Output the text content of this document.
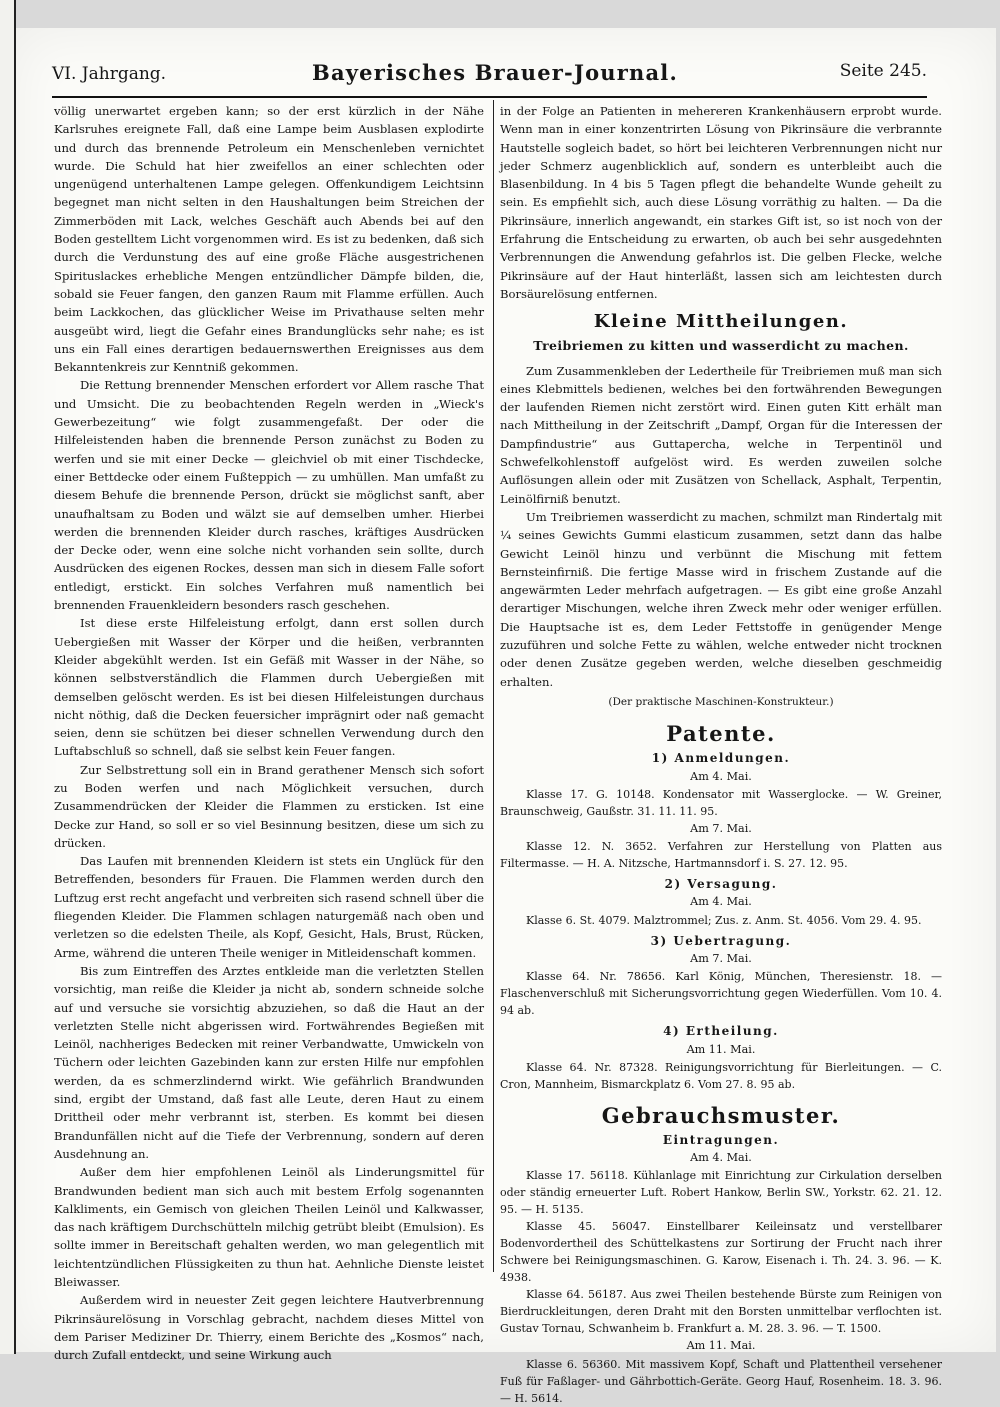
VI. Jahrgang.	Bayerisches Brauer-Journal.	Seite 245.

völlig unerwartet ergeben kann; so der erst kürzlich in der Nähe Karlsruhes ereignete Fall, daß eine Lampe beim Ausblasen explodirte und durch das brennende Petroleum ein Menschenleben vernichtet wurde. Die Schuld hat hier zweifellos an einer schlechten oder ungenügend unterhaltenen Lampe gelegen. Offenkundigem Leichtsinn begegnet man nicht selten in den Haushaltungen beim Streichen der Zimmerböden mit Lack, welches Geschäft auch Abends bei auf den Boden gestelltem Licht vorgenommen wird. Es ist zu bedenken, daß sich durch die Verdunstung des auf eine große Fläche ausgestrichenen Spirituslackes erhebliche Mengen entzündlicher Dämpfe bilden, die, sobald sie Feuer fangen, den ganzen Raum mit Flamme erfüllen. Auch beim Lackkochen, das glücklicher Weise im Privathause selten mehr ausgeübt wird, liegt die Gefahr eines Brandunglücks sehr nahe; es ist uns ein Fall eines derartigen bedauernswerthen Ereignisses aus dem Bekanntenkreis zur Kenntniß gekommen.

Die Rettung brennender Menschen erfordert vor Allem rasche That und Umsicht. Die zu beobachtenden Regeln werden in „Wieck's Gewerbezeitung“ wie folgt zusammengefaßt. Der oder die Hilfeleistenden haben die brennende Person zunächst zu Boden zu werfen und sie mit einer Decke — gleichviel ob mit einer Tischdecke, einer Bettdecke oder einem Fußteppich — zu umhüllen. Man umfaßt zu diesem Behufe die brennende Person, drückt sie möglichst sanft, aber unaufhaltsam zu Boden und wälzt sie auf demselben umher. Hierbei werden die brennenden Kleider durch rasches, kräftiges Ausdrücken der Decke oder, wenn eine solche nicht vorhanden sein sollte, durch Ausdrücken des eigenen Rockes, dessen man sich in diesem Falle sofort entledigt, erstickt. Ein solches Verfahren muß namentlich bei brennenden Frauenkleidern besonders rasch geschehen.

Ist diese erste Hilfeleistung erfolgt, dann erst sollen durch Uebergießen mit Wasser der Körper und die heißen, verbrannten Kleider abgekühlt werden. Ist ein Gefäß mit Wasser in der Nähe, so können selbstverständlich die Flammen durch Uebergießen mit demselben gelöscht werden. Es ist bei diesen Hilfeleistungen durchaus nicht nöthig, daß die Decken feuersicher imprägnirt oder naß gemacht seien, denn sie schützen bei dieser schnellen Verwendung durch den Luftabschluß so schnell, daß sie selbst kein Feuer fangen.

Zur Selbstrettung soll ein in Brand gerathener Mensch sich sofort zu Boden werfen und nach Möglichkeit versuchen, durch Zusammendrücken der Kleider die Flammen zu ersticken. Ist eine Decke zur Hand, so soll er so viel Besinnung besitzen, diese um sich zu drücken.

Das Laufen mit brennenden Kleidern ist stets ein Unglück für den Betreffenden, besonders für Frauen. Die Flammen werden durch den Luftzug erst recht angefacht und verbreiten sich rasend schnell über die fliegenden Kleider. Die Flammen schlagen naturgemäß nach oben und verletzen so die edelsten Theile, als Kopf, Gesicht, Hals, Brust, Rücken, Arme, während die unteren Theile weniger in Mitleidenschaft kommen.

Bis zum Eintreffen des Arztes entkleide man die verletzten Stellen vorsichtig, man reiße die Kleider ja nicht ab, sondern schneide solche auf und versuche sie vorsichtig abzuziehen, so daß die Haut an der verletzten Stelle nicht abgerissen wird. Fortwährendes Begießen mit Leinöl, nachheriges Bedecken mit reiner Verbandwatte, Umwickeln von Tüchern oder leichten Gazebinden kann zur ersten Hilfe nur empfohlen werden, da es schmerzlindernd wirkt. Wie gefährlich Brandwunden sind, ergibt der Umstand, daß fast alle Leute, deren Haut zu einem Drittheil oder mehr verbrannt ist, sterben. Es kommt bei diesen Brandunfällen nicht auf die Tiefe der Verbrennung, sondern auf deren Ausdehnung an.

Außer dem hier empfohlenen Leinöl als Linderungsmittel für Brandwunden bedient man sich auch mit bestem Erfolg sogenannten Kalkliments, ein Gemisch von gleichen Theilen Leinöl und Kalkwasser, das nach kräftigem Durchschütteln milchig getrübt bleibt (Emulsion). Es sollte immer in Bereitschaft gehalten werden, wo man gelegentlich mit leichtentzündlichen Flüssigkeiten zu thun hat. Aehnliche Dienste leistet Bleiwasser.

Außerdem wird in neuester Zeit gegen leichtere Hautverbrennung Pikrinsäurelösung in Vorschlag gebracht, nachdem dieses Mittel von dem Pariser Mediziner Dr. Thierry, einem Berichte des „Kosmos“ nach, durch Zufall entdeckt, und seine Wirkung auch

in der Folge an Patienten in mehereren Krankenhäusern erprobt wurde. Wenn man in einer konzentrirten Lösung von Pikrinsäure die verbrannte Hautstelle sogleich badet, so hört bei leichteren Verbrennungen nicht nur jeder Schmerz augenblicklich auf, sondern es unterbleibt auch die Blasenbildung. In 4 bis 5 Tagen pflegt die behandelte Wunde geheilt zu sein. Es empfiehlt sich, auch diese Lösung vorräthig zu halten. — Da die Pikrinsäure, innerlich angewandt, ein starkes Gift ist, so ist noch von der Erfahrung die Entscheidung zu erwarten, ob auch bei sehr ausgedehnten Verbrennungen die Anwendung gefahrlos ist. Die gelben Flecke, welche Pikrinsäure auf der Haut hinterläßt, lassen sich am leichtesten durch Borsäurelösung entfernen.

Kleine Mittheilungen.
Treibriemen zu kitten und wasserdicht zu machen.

Zum Zusammenkleben der Ledertheile für Treibriemen muß man sich eines Klebmittels bedienen, welches bei den fortwährenden Bewegungen der laufenden Riemen nicht zerstört wird. Einen guten Kitt erhält man nach Mittheilung in der Zeitschrift „Dampf, Organ für die Interessen der Dampfindustrie“ aus Guttapercha, welche in Terpentinöl und Schwefelkohlenstoff aufgelöst wird. Es werden zuweilen solche Auflösungen allein oder mit Zusätzen von Schellack, Asphalt, Terpentin, Leinölfirniß benutzt.

Um Treibriemen wasserdicht zu machen, schmilzt man Rindertalg mit ¼ seines Gewichts Gummi elasticum zusammen, setzt dann das halbe Gewicht Leinöl hinzu und verbünnt die Mischung mit fettem Bernsteinfirniß. Die fertige Masse wird in frischem Zustande auf die angewärmten Leder mehrfach aufgetragen. — Es gibt eine große Anzahl derartiger Mischungen, welche ihren Zweck mehr oder weniger erfüllen. Die Hauptsache ist es, dem Leder Fettstoffe in genügender Menge zuzuführen und solche Fette zu wählen, welche entweder nicht trocknen oder denen Zusätze gegeben werden, welche dieselben geschmeidig erhalten.

(Der praktische Maschinen-Konstrukteur.)
Patente.
1) Anmeldungen.
Am 4. Mai.

Klasse 17. G. 10148. Kondensator mit Wasserglocke. — W. Greiner, Braunschweig, Gaußstr. 31. 11. 11. 95.

Am 7. Mai.

Klasse 12. N. 3652. Verfahren zur Herstellung von Platten aus Filtermasse. — H. A. Nitzsche, Hartmannsdorf i. S. 27. 12. 95.

2) Versagung.
Am 4. Mai.

Klasse 6. St. 4079. Malztrommel; Zus. z. Anm. St. 4056. Vom 29. 4. 95.

3) Uebertragung.
Am 7. Mai.

Klasse 64. Nr. 78656. Karl König, München, Theresienstr. 18. — Flaschenverschluß mit Sicherungsvorrichtung gegen Wiederfüllen. Vom 10. 4. 94 ab.

4) Ertheilung.
Am 11. Mai.

Klasse 64. Nr. 87328. Reinigungsvorrichtung für Bierleitungen. — C. Cron, Mannheim, Bismarckplatz 6. Vom 27. 8. 95 ab.

Gebrauchsmuster.
Eintragungen.
Am 4. Mai.

Klasse 17. 56118. Kühlanlage mit Einrichtung zur Cirkulation derselben oder ständig erneuerter Luft. Robert Hankow, Berlin SW., Yorkstr. 62. 21. 12. 95. — H. 5135.

Klasse 45. 56047. Einstellbarer Keileinsatz und verstellbarer Bodenvordertheil des Schüttelkastens zur Sortirung der Frucht nach ihrer Schwere bei Reinigungsmaschinen. G. Karow, Eisenach i. Th. 24. 3. 96. — K. 4938.

Klasse 64. 56187. Aus zwei Theilen bestehende Bürste zum Reinigen von Bierdruckleitungen, deren Draht mit den Borsten unmittelbar verflochten ist. Gustav Tornau, Schwanheim b. Frankfurt a. M. 28. 3. 96. — T. 1500.

Am 11. Mai.

Klasse 6. 56360. Mit massivem Kopf, Schaft und Plattentheil versehener Fuß für Faßlager- und Gährbottich-Geräte. Georg Hauf, Rosenheim. 18. 3. 96. — H. 5614.
